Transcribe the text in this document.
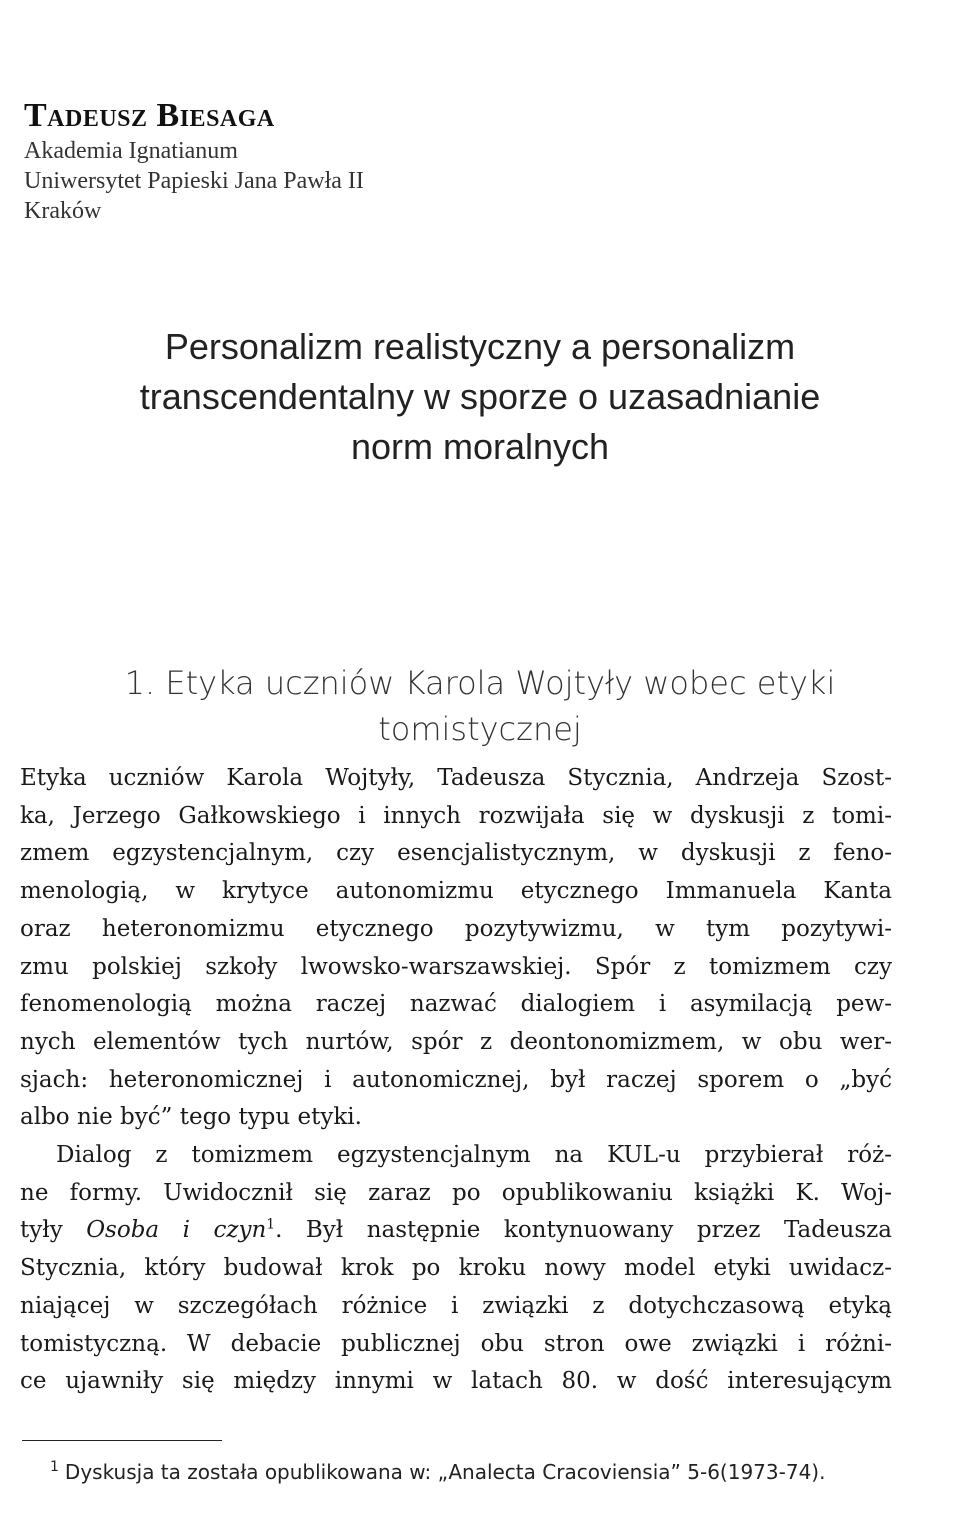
Tadeusz Biesaga
Akademia Ignatianum
Uniwersytet Papieski Jana Pawła II
Kraków
Personalizm realistyczny a personalizm
transcendentalny w sporze o uzasadnianie
norm moralnych
1. Etyka uczniów Karola Wojtyły wobec etyki
tomistycznej
Etyka uczniów Karola Wojtyły, Tadeusza Stycznia, Andrzeja Szost-
ka, Jerzego Gałkowskiego i innych rozwijała się w dyskusji z tomi-
zmem egzystencjalnym, czy esencjalistycznym, w dyskusji z feno-
menologią, w krytyce autonomizmu etycznego Immanuela Kanta
oraz heteronomizmu etycznego pozytywizmu, w tym pozytywi-
zmu polskiej szkoły lwowsko-warszawskiej. Spór z tomizmem czy
fenomenologią można raczej nazwać dialogiem i asymilacją pew-
nych elementów tych nurtów, spór z deontonomizmem, w obu wer-
sjach: heteronomicznej i autonomicznej, był raczej sporem o „być
albo nie być” tego typu etyki.
Dialog z tomizmem egzystencjalnym na KUL-u przybierał róż-
ne formy. Uwidocznił się zaraz po opublikowaniu książki K. Woj-
tyły Osoba i czyn$^1$. Był następnie kontynuowany przez Tadeusza
Stycznia, który budował krok po kroku nowy model etyki uwidacz-
niającej w szczegółach różnice i związki z dotychczasową etyką
tomistyczną. W debacie publicznej obu stron owe związki i różni-
ce ujawniły się między innymi w latach 80. w dość interesującym
$^1$ Dyskusja ta została opublikowana w: „Analecta Cracoviensia” 5-6(1973-74).
